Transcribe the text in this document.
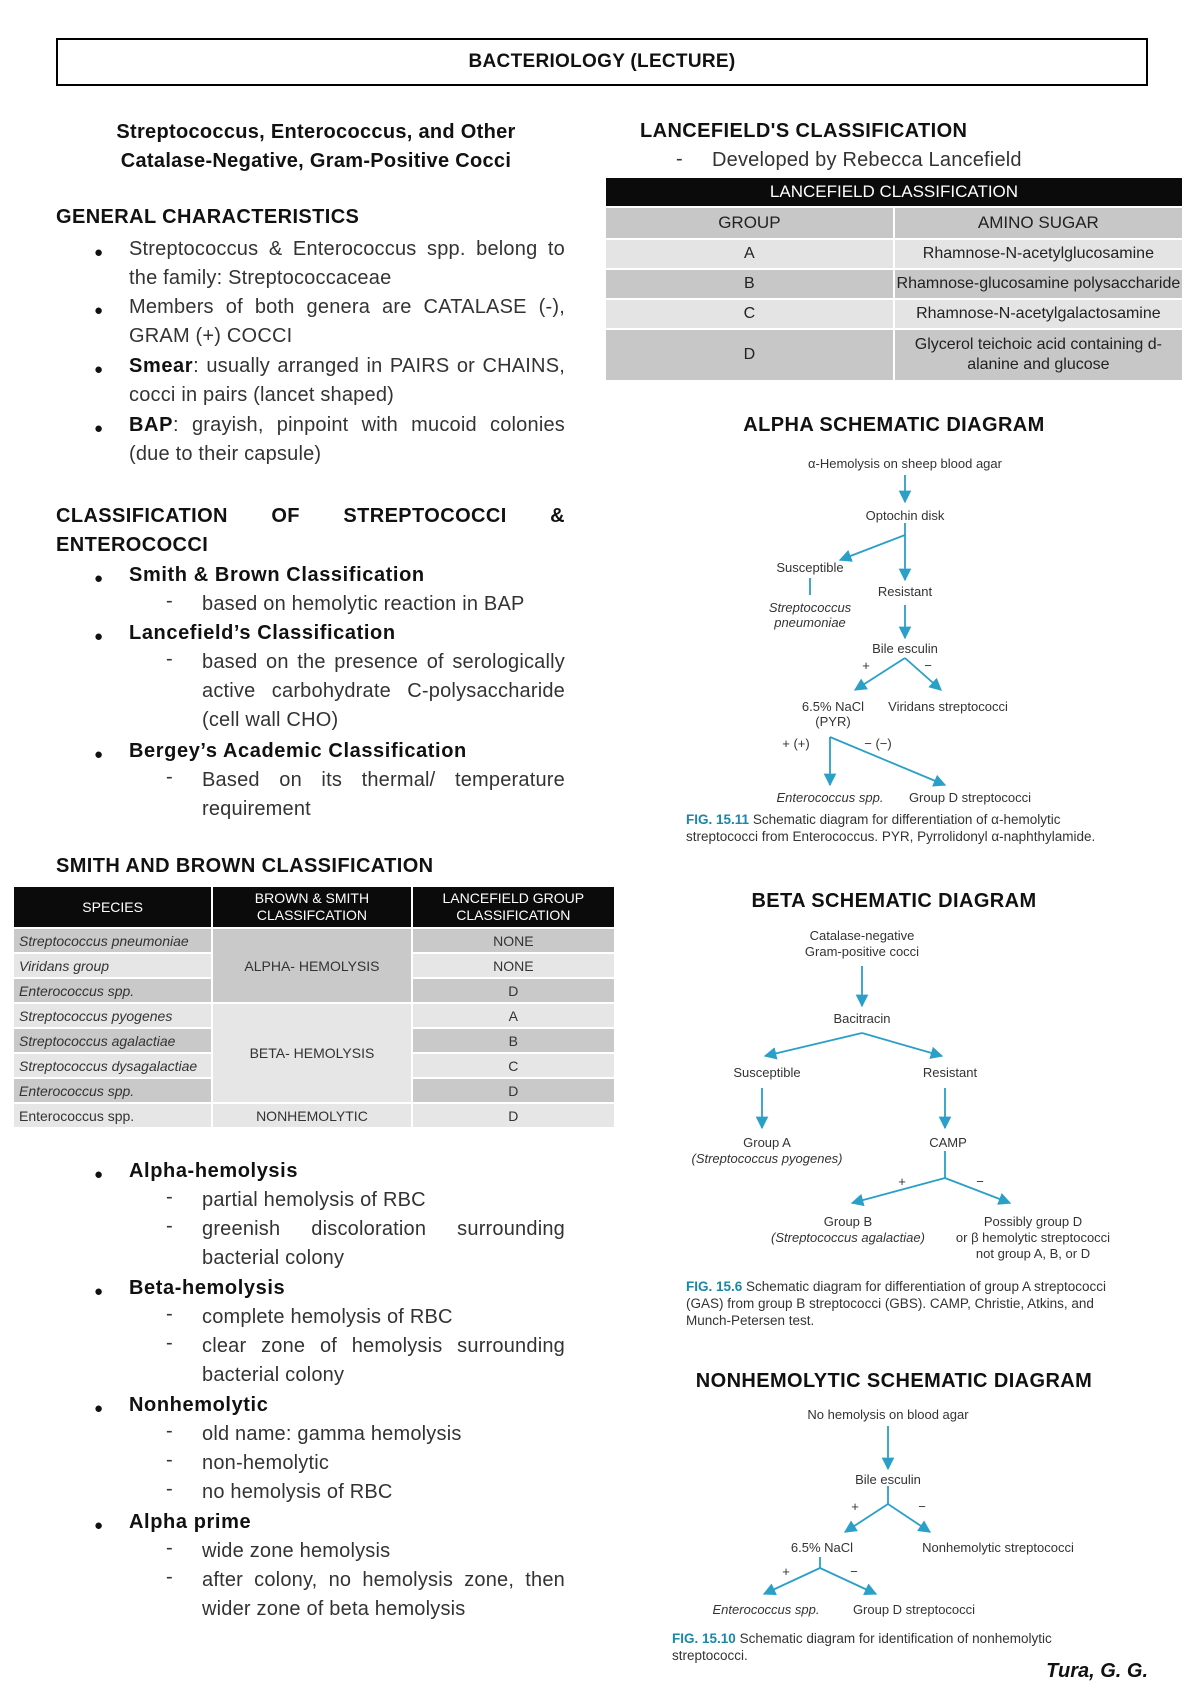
BACTERIOLOGY (LECTURE)
Streptococcus, Enterococcus, and Other
Catalase-Negative, Gram-Positive Cocci
GENERAL CHARACTERISTICS
● Streptococcus & Enterococcus spp. belong to the family: Streptococcaceae
● Members of both genera are CATALASE (-), GRAM (+) COCCI
● Smear: usually arranged in PAIRS or CHAINS, cocci in pairs (lancet shaped)
● BAP: grayish, pinpoint with mucoid colonies (due to their capsule)
CLASSIFICATION OF STREPTOCOCCI & ENTEROCOCCI
● Smith & Brown Classification
- based on hemolytic reaction in BAP
● Lancefield’s Classification
- based on the presence of serologically active carbohydrate C-polysaccharide (cell wall CHO)
● Bergey’s Academic Classification
- Based on its thermal/ temperature requirement
SMITH AND BROWN CLASSIFICATION
SPECIES	BROWN & SMITH CLASSIFCATION	LANCEFIELD GROUP CLASSIFICATION
Streptococcus pneumoniae	ALPHA- HEMOLYSIS	NONE
Viridans group		NONE
Enterococcus spp.		D
Streptococcus pyogenes	BETA- HEMOLYSIS	A
Streptococcus agalactiae		B
Streptococcus dysagalactiae		C
Enterococcus spp.		D
Enterococcus spp.	NONHEMOLYTIC	D
● Alpha-hemolysis
- partial hemolysis of RBC
- greenish discoloration surrounding bacterial colony
● Beta-hemolysis
- complete hemolysis of RBC
- clear zone of hemolysis surrounding bacterial colony
● Nonhemolytic
- old name: gamma hemolysis
- non-hemolytic
- no hemolysis of RBC
● Alpha prime
- wide zone hemolysis
- after colony, no hemolysis zone, then wider zone of beta hemolysis
LANCEFIELD'S CLASSIFICATION
- Developed by Rebecca Lancefield
LANCEFIELD CLASSIFICATION	
GROUP	AMINO SUGAR
A	Rhamnose-N-acetylglucosamine
B	Rhamnose-glucosamine polysaccharide
C	Rhamnose-N-acetylgalactosamine
D	Glycerol teichoic acid containing d-alanine and glucose
ALPHA SCHEMATIC DIAGRAM
α-Hemolysis on sheep blood agar
Optochin disk
Susceptible
Streptococcus
pneumoniae
Resistant
Bile esculin
+	−
6.5% NaCl
(PYR)
Viridans streptococci
+ (+)	− (−)
Enterococcus spp. Group D streptococci
FIG. 15.11 Schematic diagram for differentiation of α-hemolytic streptococci from Enterococcus. PYR, Pyrrolidonyl α-naphthylamide.
BETA SCHEMATIC DIAGRAM
Catalase-negative
Gram-positive cocci
Bacitracin
Susceptible	Resistant
Group A
(Streptococcus pyogenes)
CAMP
+	−
Group B
(Streptococcus agalactiae)
Possibly group D
or β hemolytic streptococci
not group A, B, or D
FIG. 15.6 Schematic diagram for differentiation of group A streptococci (GAS) from group B streptococci (GBS). CAMP, Christie, Atkins, and Munch-Petersen test.
NONHEMOLYTIC SCHEMATIC DIAGRAM
No hemolysis on blood agar
Bile esculin
+	−
6.5% NaCl	Nonhemolytic streptococci
+	−
Enterococcus spp.	Group D streptococci
FIG. 15.10 Schematic diagram for identification of nonhemolytic streptococci.
Tura, G. G.
